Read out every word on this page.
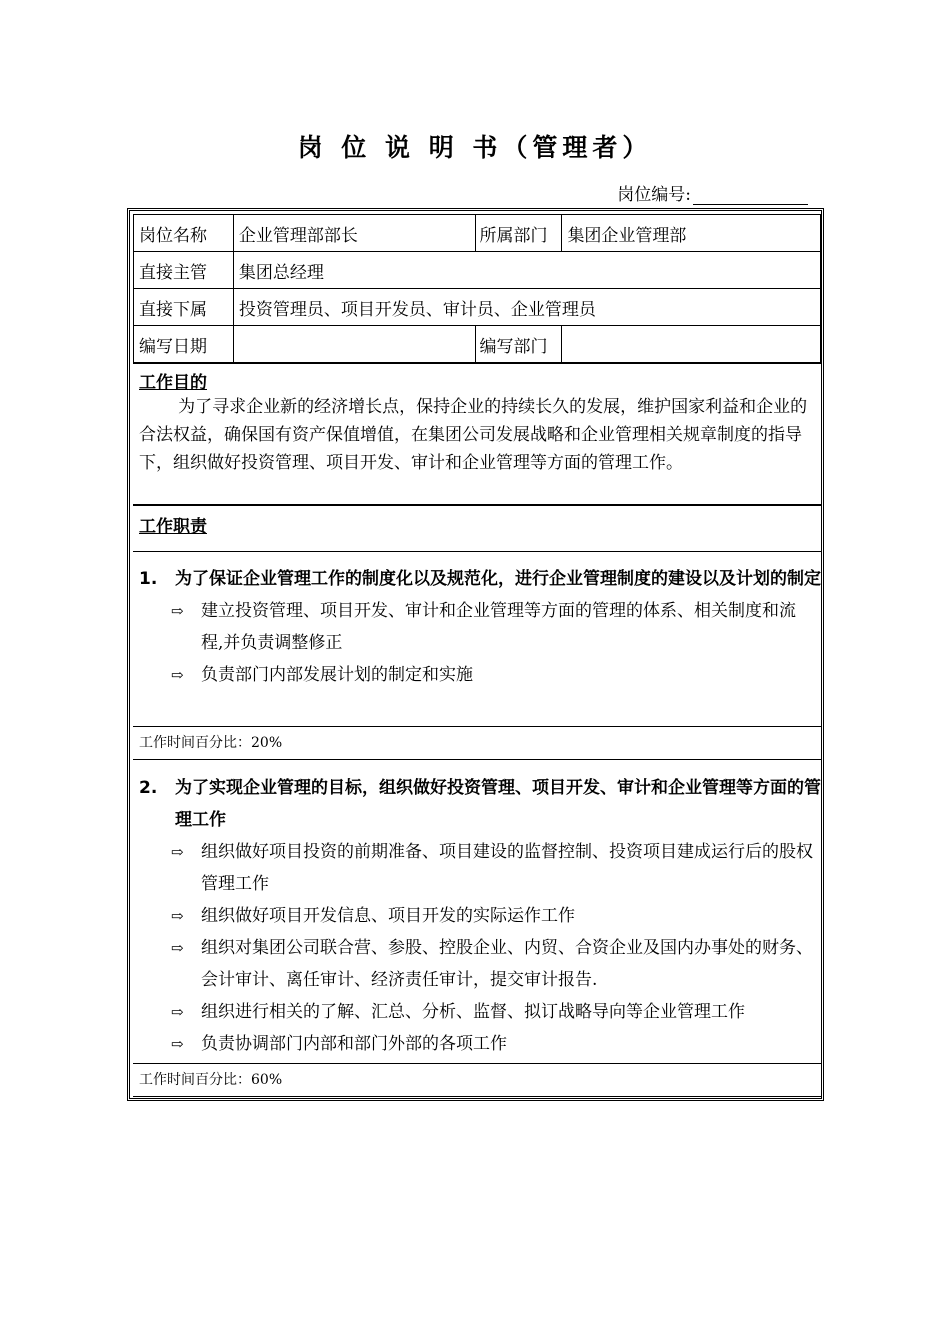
岗 位 说 明 书（管理者）
岗位编号:
岗位名称	企业管理部部长	所属部门	集团企业管理部
直接主管	集团总经理		
直接下属	投资管理员、项目开发员、审计员、企业管理员		
编写日期		编写部门	
工作目的
为了寻求企业新的经济增长点，保持企业的持续长久的发展，维护国家利益和企业的合法权益，确保国有资产保值增值，在集团公司发展战略和企业管理相关规章制度的指导下，组织做好投资管理、项目开发、审计和企业管理等方面的管理工作。
工作职责
1.	为了保证企业管理工作的制度化以及规范化，进行企业管理制度的建设以及计划的制定
⇨	建立投资管理、项目开发、审计和企业管理等方面的管理的体系、相关制度和流程,并负责调整修正
⇨	负责部门内部发展计划的制定和实施
工作时间百分比：20%
2.	为了实现企业管理的目标，组织做好投资管理、项目开发、审计和企业管理等方面的管理工作
⇨	组织做好项目投资的前期准备、项目建设的监督控制、投资项目建成运行后的股权管理工作
⇨	组织做好项目开发信息、项目开发的实际运作工作
⇨	组织对集团公司联合营、参股、控股企业、内贸、合资企业及国内办事处的财务、会计审计、离任审计、经济责任审计，提交审计报告.
⇨	组织进行相关的了解、汇总、分析、监督、拟订战略导向等企业管理工作
⇨	负责协调部门内部和部门外部的各项工作
工作时间百分比：60%
